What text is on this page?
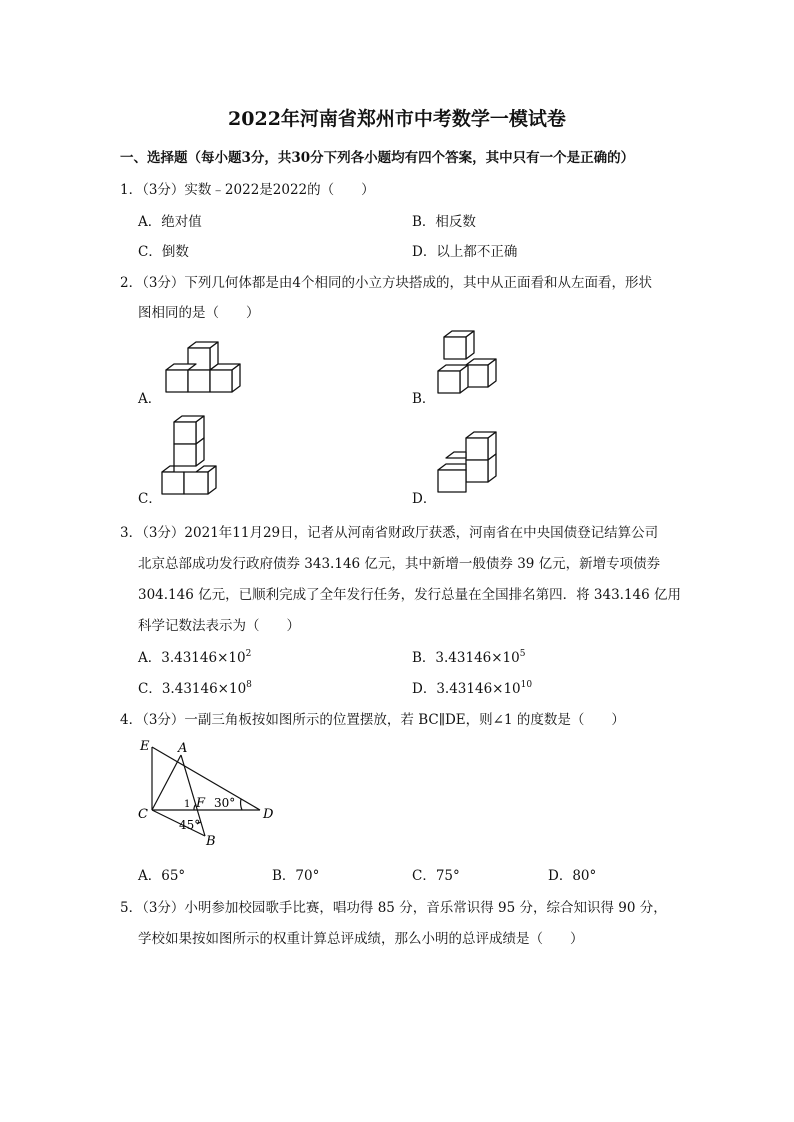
2022年河南省郑州市中考数学一模试卷
一、选择题（每小题3分，共30分下列各小题均有四个答案，其中只有一个是正确的）
1．（3分）实数﹣2022是2022的（　　）
A．绝对值	B．相反数
C．倒数	D．以上都不正确
2．（3分）下列几何体都是由4个相同的小立方块搭成的，其中从正面看和从左面看，形状
图相同的是（　　）
A．	B．
C．	D．
3．（3分）2021年11月29日，记者从河南省财政厅获悉，河南省在中央国债登记结算公司
北京总部成功发行政府债券 343.146 亿元，其中新增一般债券 39 亿元，新增专项债券
304.146 亿元，已顺利完成了全年发行任务，发行总量在全国排名第四．将 343.146 亿用
科学记数法表示为（　　）
A．$3.43146\times 10^2$	B．$3.43146\times 10^5$
C．$3.43146\times 10^8$	D．$3.43146\times 10^{10}$
4．（3分）一副三角板按如图所示的位置摆放，若 BC∥DE，则∠1 的度数是（　　）
E A
C	D
B
F
1 30°
45°
A．65°	B．70°	C．75°	D．80°
5．（3分）小明参加校园歌手比赛，唱功得 85 分，音乐常识得 95 分，综合知识得 90 分，
学校如果按如图所示的权重计算总评成绩，那么小明的总评成绩是（　　）
